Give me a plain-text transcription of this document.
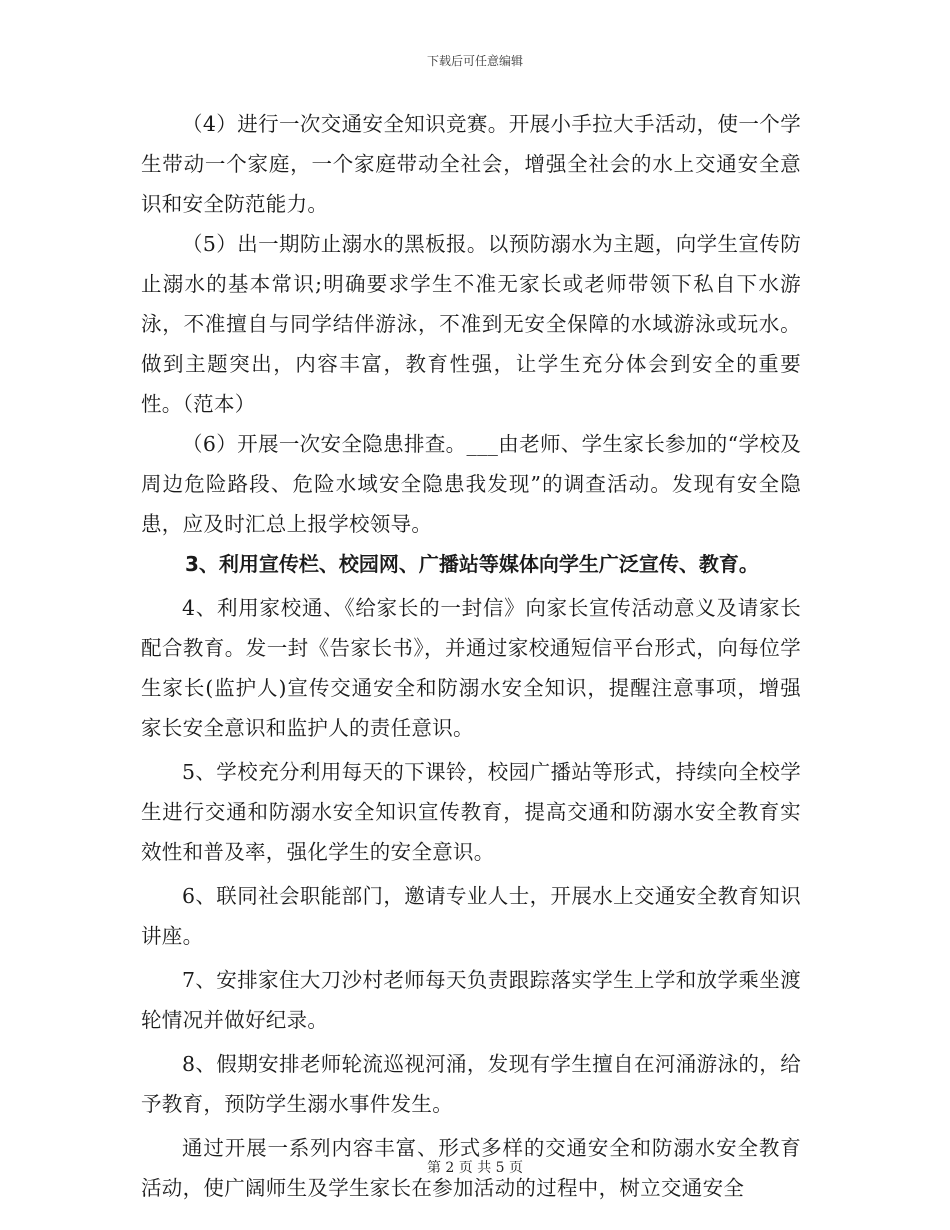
下载后可任意编辑

（4）进行一次交通安全知识竞赛。开展小手拉大手活动，使一个学生带动一个家庭，一个家庭带动全社会，增强全社会的水上交通安全意识和安全防范能力。

（5）出一期防止溺水的黑板报。以预防溺水为主题，向学生宣传防止溺水的基本常识;明确要求学生不准无家长或老师带领下私自下水游泳，不准擅自与同学结伴游泳，不准到无安全保障的水域游泳或玩水。做到主题突出，内容丰富，教育性强，让学生充分体会到安全的重要性。（范本）

（6）开展一次安全隐患排查。___由老师、学生家长参加的“学校及周边危险路段、危险水域安全隐患我发现”的调查活动。发现有安全隐患，应及时汇总上报学校领导。

3、利用宣传栏、校园网、广播站等媒体向学生广泛宣传、教育。

4、利用家校通、《给家长的一封信》向家长宣传活动意义及请家长配合教育。发一封《告家长书》，并通过家校通短信平台形式，向每位学生家长(监护人)宣传交通安全和防溺水安全知识，提醒注意事项，增强家长安全意识和监护人的责任意识。

5、学校充分利用每天的下课铃，校园广播站等形式，持续向全校学生进行交通和防溺水安全知识宣传教育，提高交通和防溺水安全教育实效性和普及率，强化学生的安全意识。

6、联同社会职能部门，邀请专业人士，开展水上交通安全教育知识讲座。

7、安排家住大刀沙村老师每天负责跟踪落实学生上学和放学乘坐渡轮情况并做好纪录。

8、假期安排老师轮流巡视河涌，发现有学生擅自在河涌游泳的，给予教育，预防学生溺水事件发生。

通过开展一系列内容丰富、形式多样的交通安全和防溺水安全教育活动，使广阔师生及学生家长在参加活动的过程中，树立交通安全

第 2 页 共 5 页
